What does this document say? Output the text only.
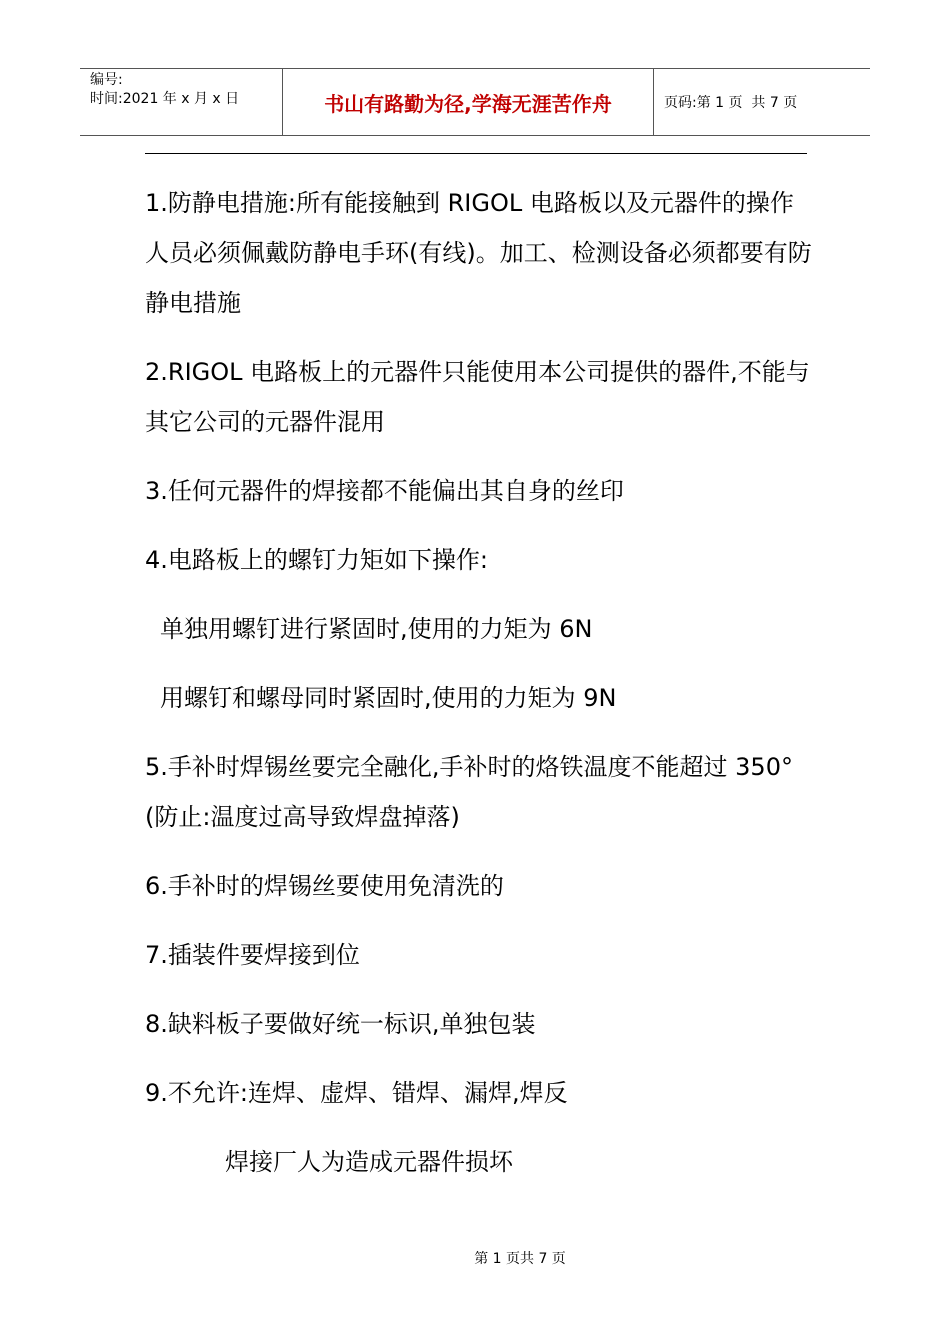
编号:
时间:2021 年 x 月 x 日	书山有路勤为径,学海无涯苦作舟	页码:第 1 页  共 7 页
1.防静电措施:所有能接触到 RIGOL 电路板以及元器件的操作人员必须佩戴防静电手环(有线)。加工、检测设备必须都要有防静电措施
2.RIGOL 电路板上的元器件只能使用本公司提供的器件,不能与其它公司的元器件混用
3.任何元器件的焊接都不能偏出其自身的丝印
4.电路板上的螺钉力矩如下操作:
单独用螺钉进行紧固时,使用的力矩为 6N
用螺钉和螺母同时紧固时,使用的力矩为 9N
5.手补时焊锡丝要完全融化,手补时的烙铁温度不能超过 350°(防止:温度过高导致焊盘掉落)
6.手补时的焊锡丝要使用免清洗的
7.插装件要焊接到位
8.缺料板子要做好统一标识,单独包装
9.不允许:连焊、虚焊、错焊、漏焊,焊反
焊接厂人为造成元器件损坏
第 1 页共 7 页
